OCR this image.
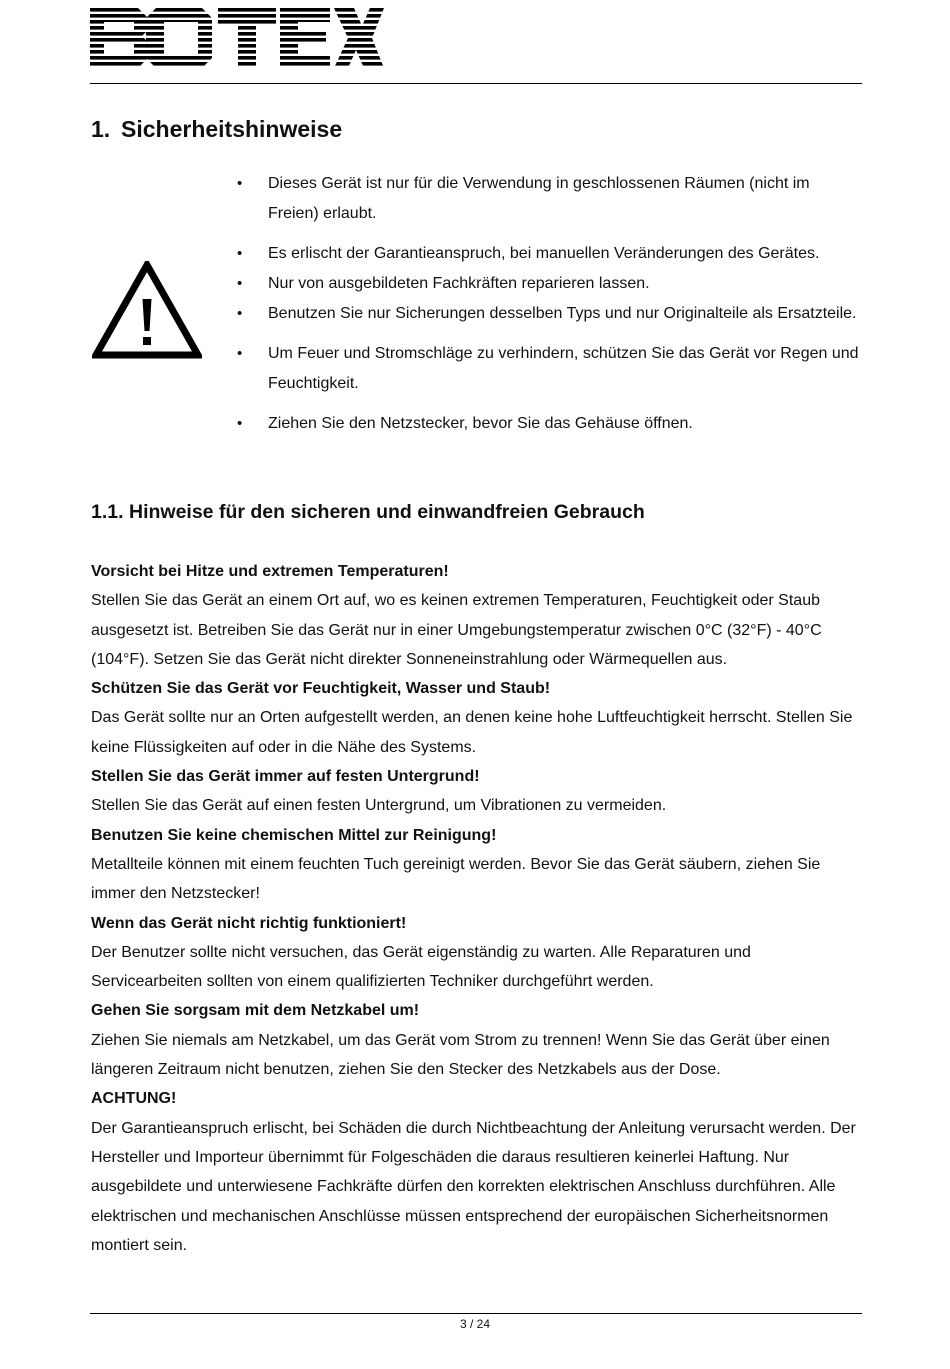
1. Sicherheitshinweise
• Dieses Gerät ist nur für die Verwendung in geschlossenen Räumen (nicht im Freien) erlaubt.
• Es erlischt der Garantieanspruch, bei manuellen Veränderungen des Gerätes.
• Nur von ausgebildeten Fachkräften reparieren lassen.
• Benutzen Sie nur Sicherungen desselben Typs und nur Originalteile als Ersatzteile.
• Um Feuer und Stromschläge zu verhindern, schützen Sie das Gerät vor Regen und Feuchtigkeit.
• Ziehen Sie den Netzstecker, bevor Sie das Gehäuse öffnen.
1.1. Hinweise für den sicheren und einwandfreien Gebrauch

Vorsicht bei Hitze und extremen Temperaturen!

Stellen Sie das Gerät an einem Ort auf, wo es keinen extremen Temperaturen, Feuchtigkeit oder Staub ausgesetzt ist. Betreiben Sie das Gerät nur in einer Umgebungstemperatur zwischen 0°C (32°F) - 40°C (104°F). Setzen Sie das Gerät nicht direkter Sonneneinstrahlung oder Wärmequellen aus.

Schützen Sie das Gerät vor Feuchtigkeit, Wasser und Staub!

Das Gerät sollte nur an Orten aufgestellt werden, an denen keine hohe Luftfeuchtigkeit herrscht. Stellen Sie keine Flüssigkeiten auf oder in die Nähe des Systems.

Stellen Sie das Gerät immer auf festen Untergrund!

Stellen Sie das Gerät auf einen festen Untergrund, um Vibrationen zu vermeiden.

Benutzen Sie keine chemischen Mittel zur Reinigung!

Metallteile können mit einem feuchten Tuch gereinigt werden. Bevor Sie das Gerät säubern, ziehen Sie immer den Netzstecker!

Wenn das Gerät nicht richtig funktioniert!

Der Benutzer sollte nicht versuchen, das Gerät eigenständig zu warten. Alle Reparaturen und Servicearbeiten sollten von einem qualifizierten Techniker durchgeführt werden.

Gehen Sie sorgsam mit dem Netzkabel um!

Ziehen Sie niemals am Netzkabel, um das Gerät vom Strom zu trennen! Wenn Sie das Gerät über einen längeren Zeitraum nicht benutzen, ziehen Sie den Stecker des Netzkabels aus der Dose.

ACHTUNG!

Der Garantieanspruch erlischt, bei Schäden die durch Nichtbeachtung der Anleitung verursacht werden. Der Hersteller und Importeur übernimmt für Folgeschäden die daraus resultieren keinerlei Haftung. Nur ausgebildete und unterwiesene Fachkräfte dürfen den korrekten elektrischen Anschluss durchführen. Alle elektrischen und mechanischen Anschlüsse müssen entsprechend der europäischen Sicherheitsnormen montiert sein.

3 / 24
